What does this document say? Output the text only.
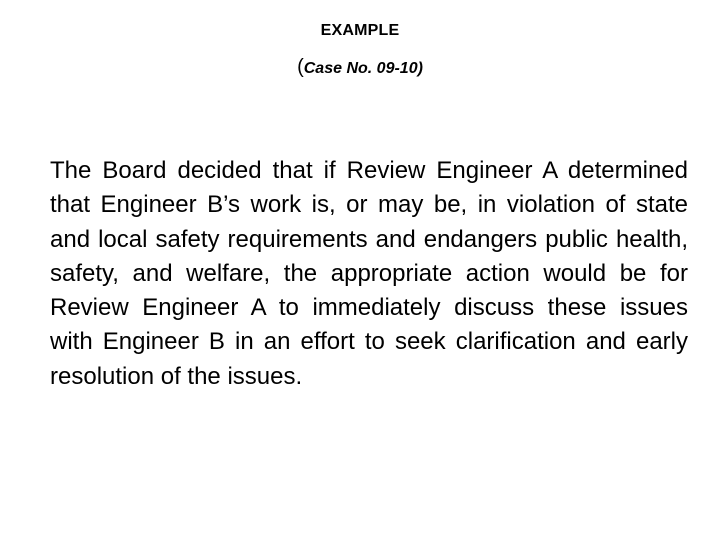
EXAMPLE
(Case No. 09-10)

The Board decided that if Review Engineer A determined that Engineer B’s work is, or may be, in violation of state and local safety requirements and endangers public health, safety, and welfare, the appropriate action would be for Review Engineer A to immediately discuss these issues with Engineer B in an effort to seek clarification and early resolution of the issues.
